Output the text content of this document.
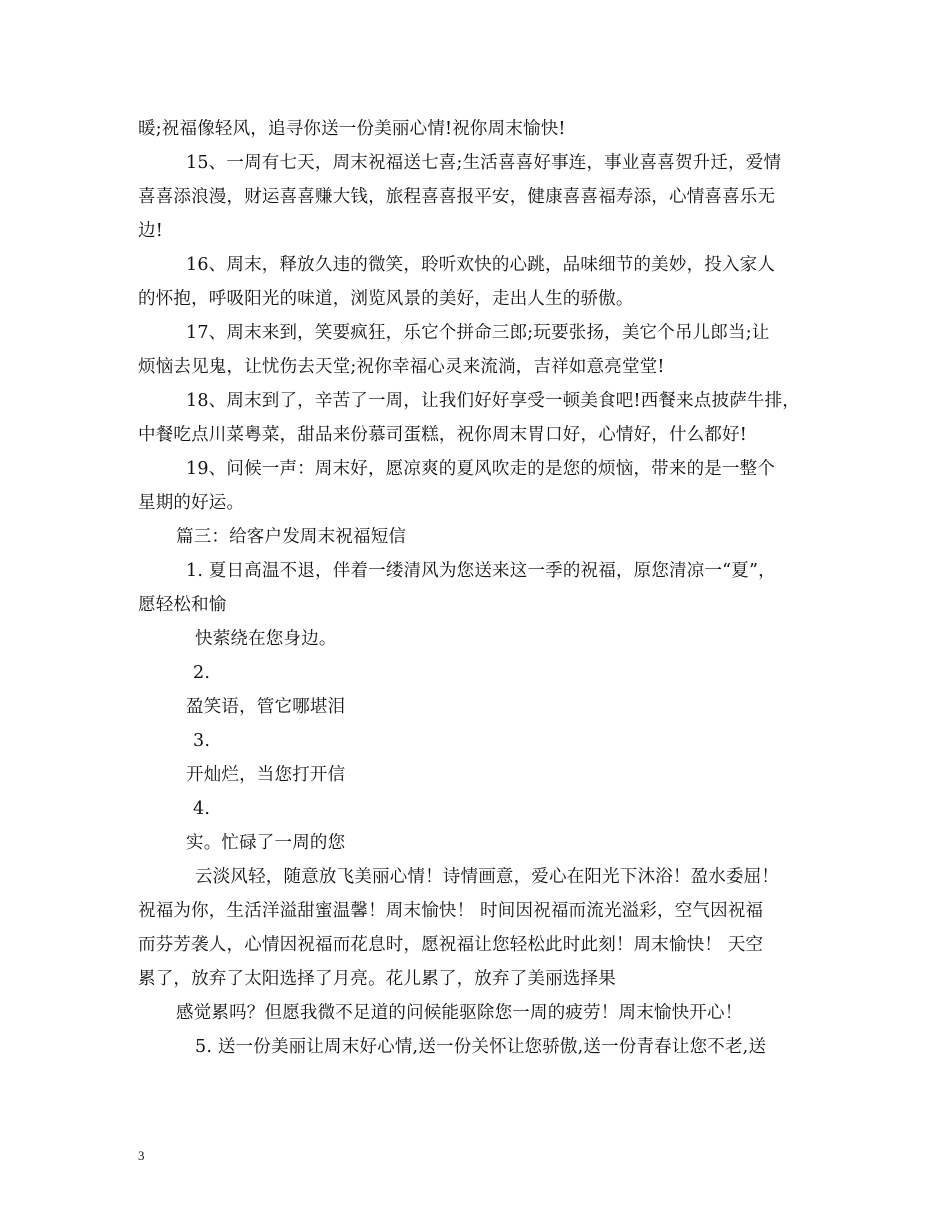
暖;祝福像轻风，追寻你送一份美丽心情!祝你周末愉快!
15、一周有七天，周末祝福送七喜;生活喜喜好事连，事业喜喜贺升迁，爱情
喜喜添浪漫，财运喜喜赚大钱，旅程喜喜报平安，健康喜喜福寿添，心情喜喜乐无
边!
16、周末，释放久违的微笑，聆听欢快的心跳，品味细节的美妙，投入家人
的怀抱，呼吸阳光的味道，浏览风景的美好，走出人生的骄傲。
17、周末来到，笑要疯狂，乐它个拼命三郎;玩要张扬，美它个吊儿郎当;让
烦恼去见鬼，让忧伤去天堂;祝你幸福心灵来流淌，吉祥如意亮堂堂!
18、周末到了，辛苦了一周，让我们好好享受一顿美食吧!西餐来点披萨牛排，
中餐吃点川菜粤菜，甜品来份慕司蛋糕，祝你周末胃口好，心情好，什么都好!
19、问候一声：周末好，愿凉爽的夏风吹走的是您的烦恼，带来的是一整个
星期的好运。
篇三：给客户发周末祝福短信
1. 夏日高温不退，伴着一缕清风为您送来这一季的祝福，原您清凉一“夏”，
愿轻松和愉
快萦绕在您身边。
2.
盈笑语，管它哪堪泪
3.
开灿烂，当您打开信
4.
实。忙碌了一周的您
云淡风轻，随意放飞美丽心情！诗情画意，爱心在阳光下沐浴！盈水委屈！
祝福为你，生活洋溢甜蜜温馨！周末愉快！ 时间因祝福而流光溢彩，空气因祝福
而芬芳袭人，心情因祝福而花息时，愿祝福让您轻松此时此刻！周末愉快！ 天空
累了，放弃了太阳选择了月亮。花儿累了，放弃了美丽选择果
感觉累吗？但愿我微不足道的问候能驱除您一周的疲劳！周末愉快开心！
5. 送一份美丽让周末好心情,送一份关怀让您骄傲,送一份青春让您不老,送
3
